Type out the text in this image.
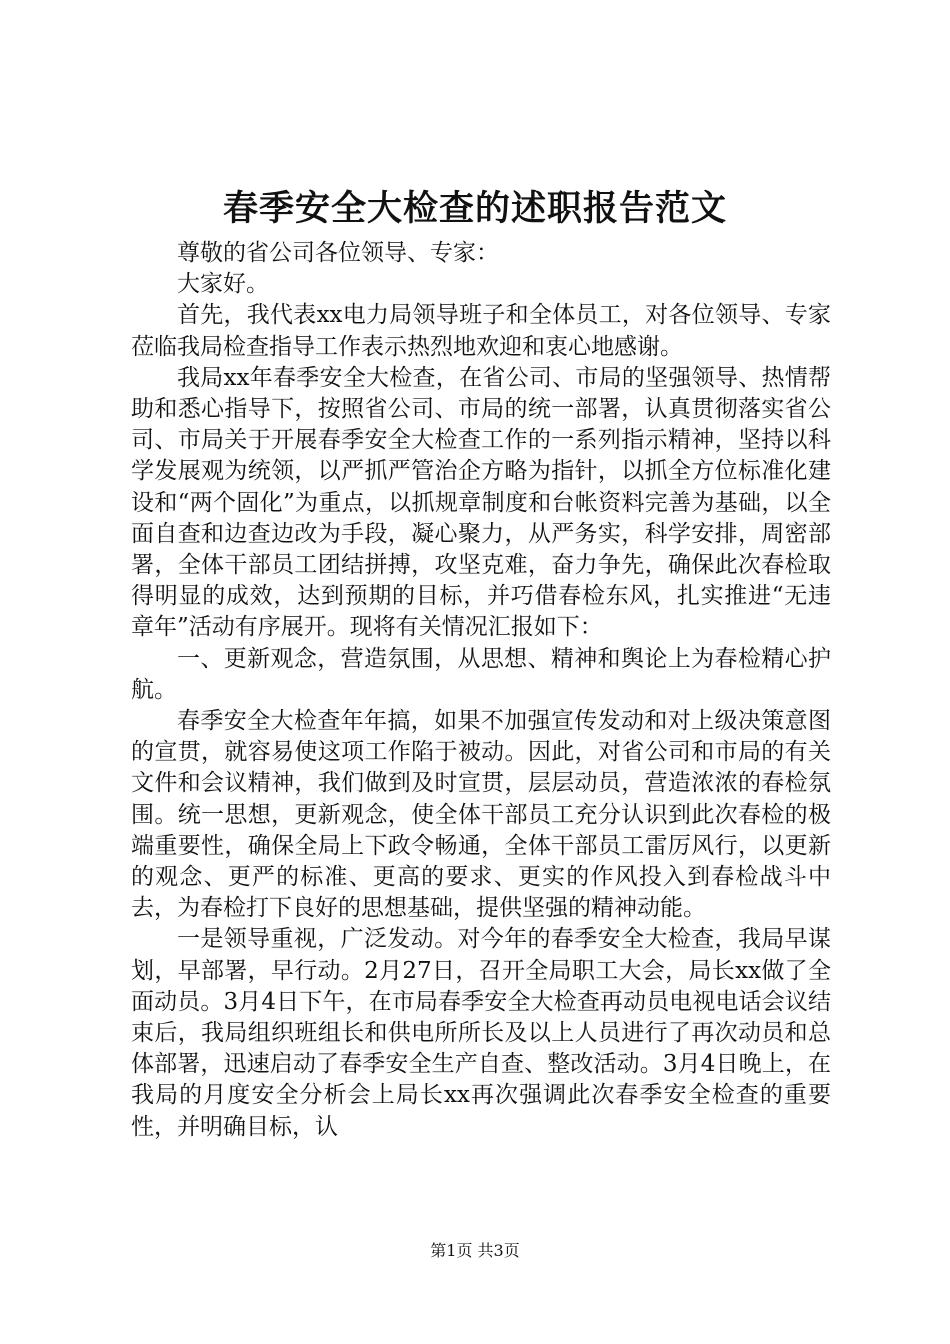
春季安全大检查的述职报告范文

尊敬的省公司各位领导、专家：

大家好。

首先，我代表xx电力局领导班子和全体员工，对各位领导、专家莅临我局检查指导工作表示热烈地欢迎和衷心地感谢。

我局xx年春季安全大检查，在省公司、市局的坚强领导、热情帮助和悉心指导下，按照省公司、市局的统一部署，认真贯彻落实省公司、市局关于开展春季安全大检查工作的一系列指示精神，坚持以科学发展观为统领，以严抓严管治企方略为指针，以抓全方位标准化建设和“两个固化”为重点，以抓规章制度和台帐资料完善为基础，以全面自查和边查边改为手段，凝心聚力，从严务实，科学安排，周密部署，全体干部员工团结拼搏，攻坚克难，奋力争先，确保此次春检取得明显的成效，达到预期的目标，并巧借春检东风，扎实推进“无违章年”活动有序展开。现将有关情况汇报如下：

一、更新观念，营造氛围，从思想、精神和舆论上为春检精心护航。

春季安全大检查年年搞，如果不加强宣传发动和对上级决策意图的宣贯，就容易使这项工作陷于被动。因此，对省公司和市局的有关文件和会议精神，我们做到及时宣贯，层层动员，营造浓浓的春检氛围。统一思想，更新观念，使全体干部员工充分认识到此次春检的极端重要性，确保全局上下政令畅通，全体干部员工雷厉风行，以更新的观念、更严的标准、更高的要求、更实的作风投入到春检战斗中去，为春检打下良好的思想基础，提供坚强的精神动能。

一是领导重视，广泛发动。对今年的春季安全大检查，我局早谋划，早部署，早行动。2月27日，召开全局职工大会，局长xx做了全面动员。3月4日下午，在市局春季安全大检查再动员电视电话会议结束后，我局组织班组长和供电所所长及以上人员进行了再次动员和总体部署，迅速启动了春季安全生产自查、整改活动。3月4日晚上，在我局的月度安全分析会上局长xx再次强调此次春季安全检查的重要性，并明确目标，认

第1页 共3页
